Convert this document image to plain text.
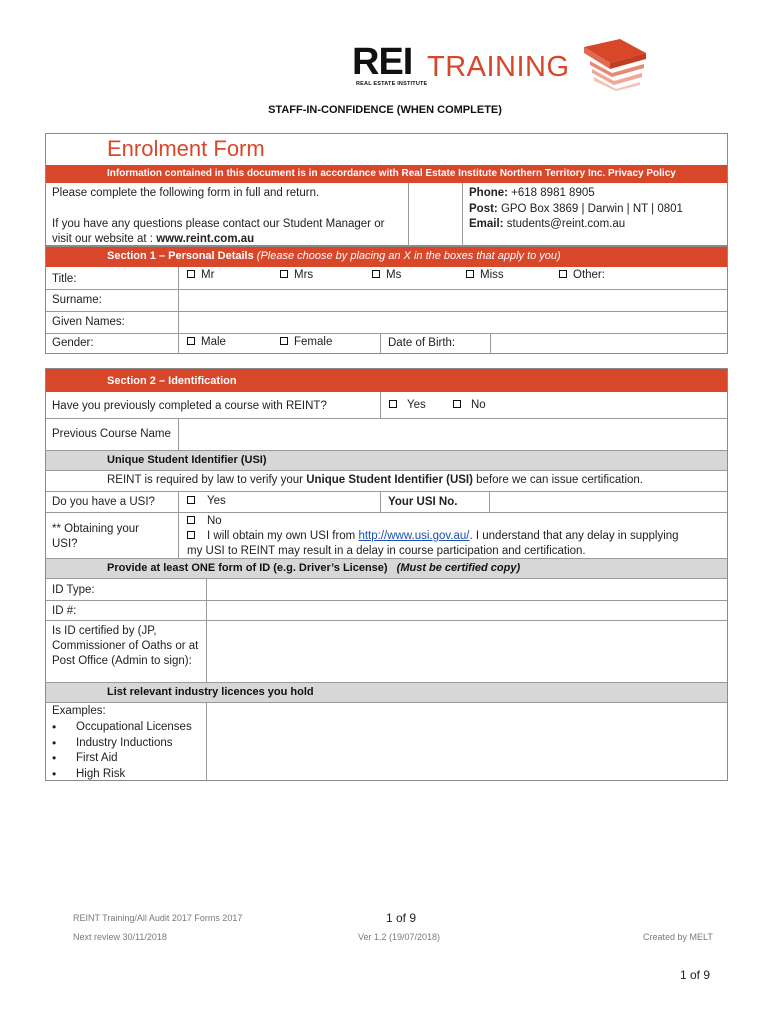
REI TRAINING
REAL ESTATE INSTITUTE
STAFF-IN-CONFIDENCE (WHEN COMPLETE)
Enrolment Form
Information contained in this document is in accordance with Real Estate Institute Northern Territory Inc. Privacy Policy
Please complete the following form in full and return.
If you have any questions please contact our Student Manager or
visit our website at : www.reint.com.au
Phone: +618 8981 8905
Post: GPO Box 3869 | Darwin | NT | 0801
Email: students@reint.com.au
Section 1 – Personal Details (Please choose by placing an X in the boxes that apply to you)
Title:	Mr	Mrs	Ms	Miss	Other:
Surname:
Given Names:
Gender:	Male	Female	Date of Birth:
Section 2 – Identification
Have you previously completed a course with REINT?	Yes	No
Previous Course Name
Unique Student Identifier (USI)
REINT is required by law to verify your Unique Student Identifier (USI) before we can issue certification.
Do you have a USI?	Yes	Your USI No.
** Obtaining your USI?
No
I will obtain my own USI from http://www.usi.gov.au/. I understand that any delay in supplying
my USI to REINT may result in a delay in course participation and certification.
Provide at least ONE form of ID (e.g. Driver’s License) (Must be certified copy)
ID Type:
ID #:
Is ID certified by (JP, Commissioner of Oaths or at Post Office (Admin to sign):
List relevant industry licences you hold
Examples:
• Occupational Licenses
• Industry Inductions
• First Aid
• High Risk
REINT Training/All Audit 2017 Forms 2017	1 of 9
Next review 30/11/2018	Ver 1.2 (19/07/2018)	Created by MELT
1 of 9
